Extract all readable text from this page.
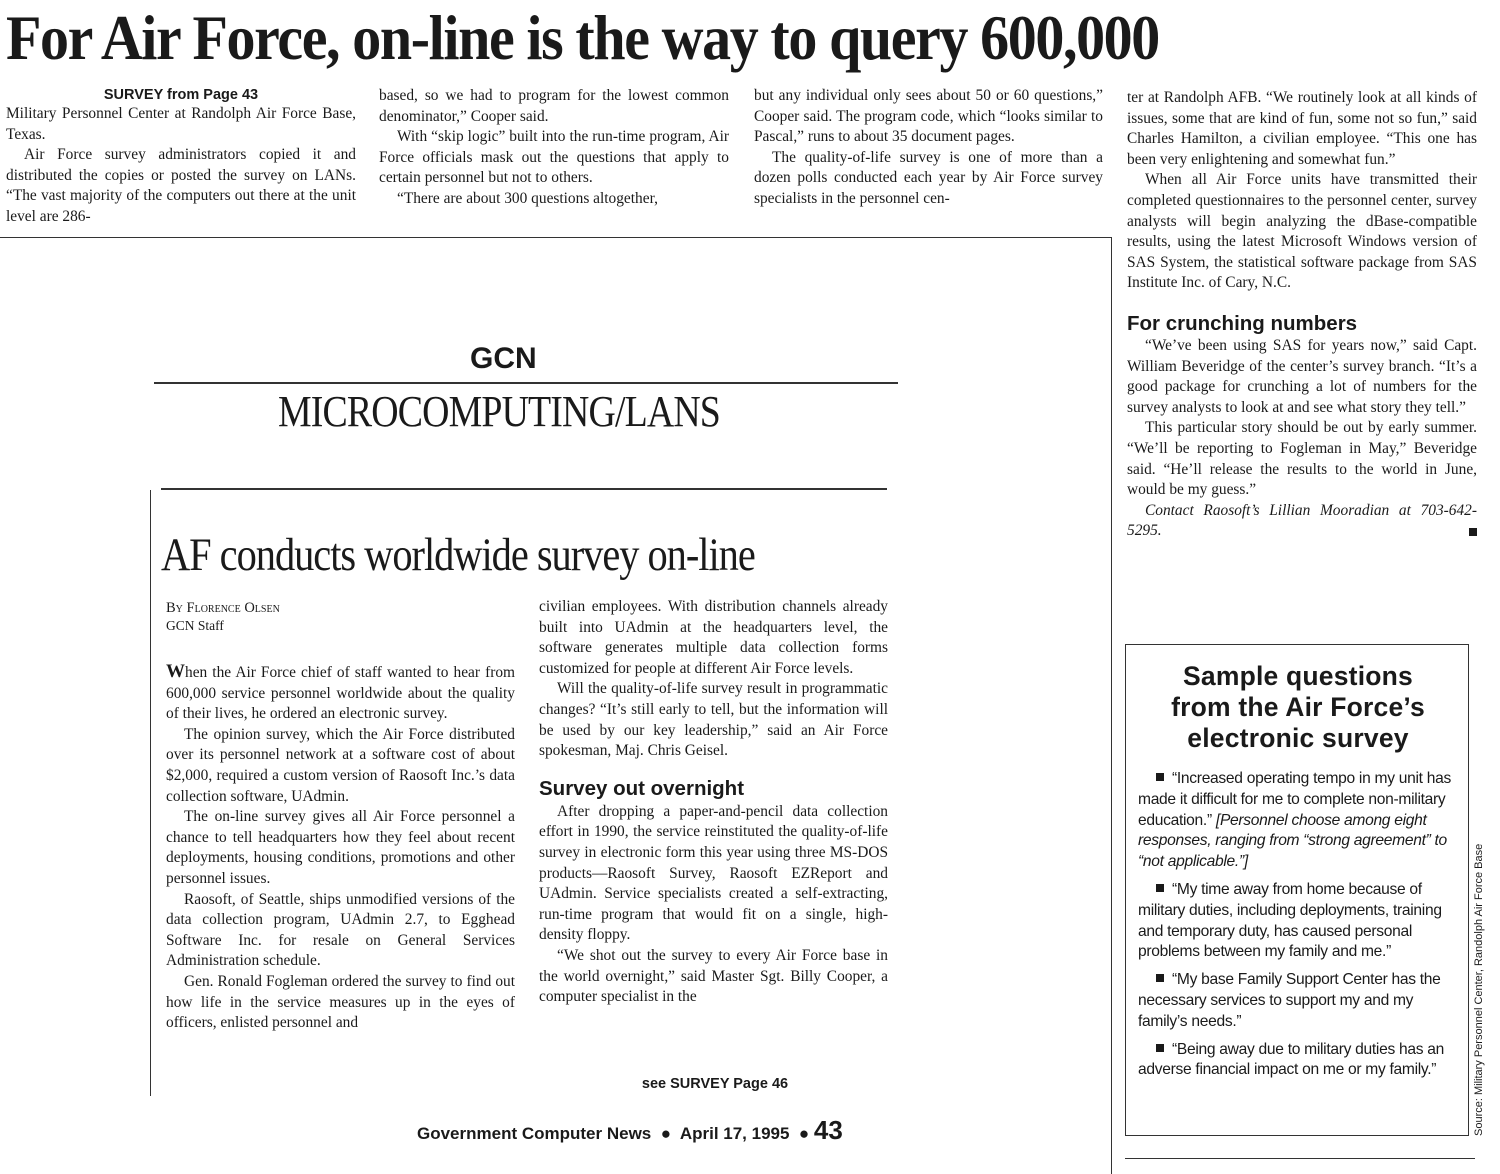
For Air Force, on-line is the way to query 600,000
SURVEY from Page 43

Military Personnel Center at Randolph Air Force Base, Texas.

Air Force survey administrators copied it and distributed the copies or posted the survey on LANs. “The vast majority of the computers out there at the unit level are 286-

based, so we had to program for the lowest common denominator,” Cooper said.

With “skip logic” built into the run-time program, Air Force officials mask out the questions that apply to certain personnel but not to others.

“There are about 300 questions altogether,

but any individual only sees about 50 or 60 questions,” Cooper said. The program code, which “looks similar to Pascal,” runs to about 35 document pages.

The quality-of-life survey is one of more than a dozen polls conducted each year by Air Force survey specialists in the personnel cen-

ter at Randolph AFB. “We routinely look at all kinds of issues, some that are kind of fun, some not so fun,” said Charles Hamilton, a civilian employee. “This one has been very enlightening and somewhat fun.”

When all Air Force units have transmitted their completed questionnaires to the personnel center, survey analysts will begin analyzing the dBase-compatible results, using the latest Microsoft Windows version of SAS System, the statistical software package from SAS Institute Inc. of Cary, N.C.

For crunching numbers

“We’ve been using SAS for years now,” said Capt. William Beveridge of the center’s survey branch. “It’s a good package for crunching a lot of numbers for the survey analysts to look at and see what story they tell.”

This particular story should be out by early summer. “We’ll be reporting to Fogleman in May,” Beveridge said. “He’ll release the results to the world in June, would be my guess.”

Contact Raosoft’s Lillian Mooradian at 703-642-5295.

GCN
MICROCOMPUTING/LANS
AF conducts worldwide survey on-line
By Florence Olsen
GCN Staff

When the Air Force chief of staff wanted to hear from 600,000 service personnel worldwide about the quality of their lives, he ordered an electronic survey.

The opinion survey, which the Air Force distributed over its personnel network at a software cost of about $2,000, required a custom version of Raosoft Inc.’s data collection software, UAdmin.

The on-line survey gives all Air Force personnel a chance to tell headquarters how they feel about recent deployments, housing conditions, promotions and other personnel issues.

Raosoft, of Seattle, ships unmodified versions of the data collection program, UAdmin 2.7, to Egghead Software Inc. for resale on General Services Administration schedule.

Gen. Ronald Fogleman ordered the survey to find out how life in the service measures up in the eyes of officers, enlisted personnel and

civilian employees. With distribution channels already built into UAdmin at the headquarters level, the software generates multiple data collection forms customized for people at different Air Force levels.

Will the quality-of-life survey result in programmatic changes? “It’s still early to tell, but the information will be used by our key leadership,” said an Air Force spokesman, Maj. Chris Geisel.

Survey out overnight

After dropping a paper-and-pencil data collection effort in 1990, the service reinstituted the quality-of-life survey in electronic form this year using three MS-DOS products—Raosoft Survey, Raosoft EZReport and UAdmin. Service specialists created a self-extracting, run-time program that would fit on a single, high-density floppy.

“We shot out the survey to every Air Force base in the world overnight,” said Master Sgt. Billy Cooper, a computer specialist in the

see SURVEY Page 46
Government Computer News  ●  April 17, 1995  ● 43
Sample questions
from the Air Force’s
electronic survey
“Increased operating tempo in my unit has made it difficult for me to complete non-military education.” [Personnel choose among eight responses, ranging from “strong agreement” to “not applicable.”]
“My time away from home because of military duties, including deployments, training and temporary duty, has caused personal problems between my family and me.”
“My base Family Support Center has the necessary services to support my and my family’s needs.”
“Being away due to military duties has an adverse financial impact on me or my family.”	Source: Military Personnel Center, Randolph Air Force Base
